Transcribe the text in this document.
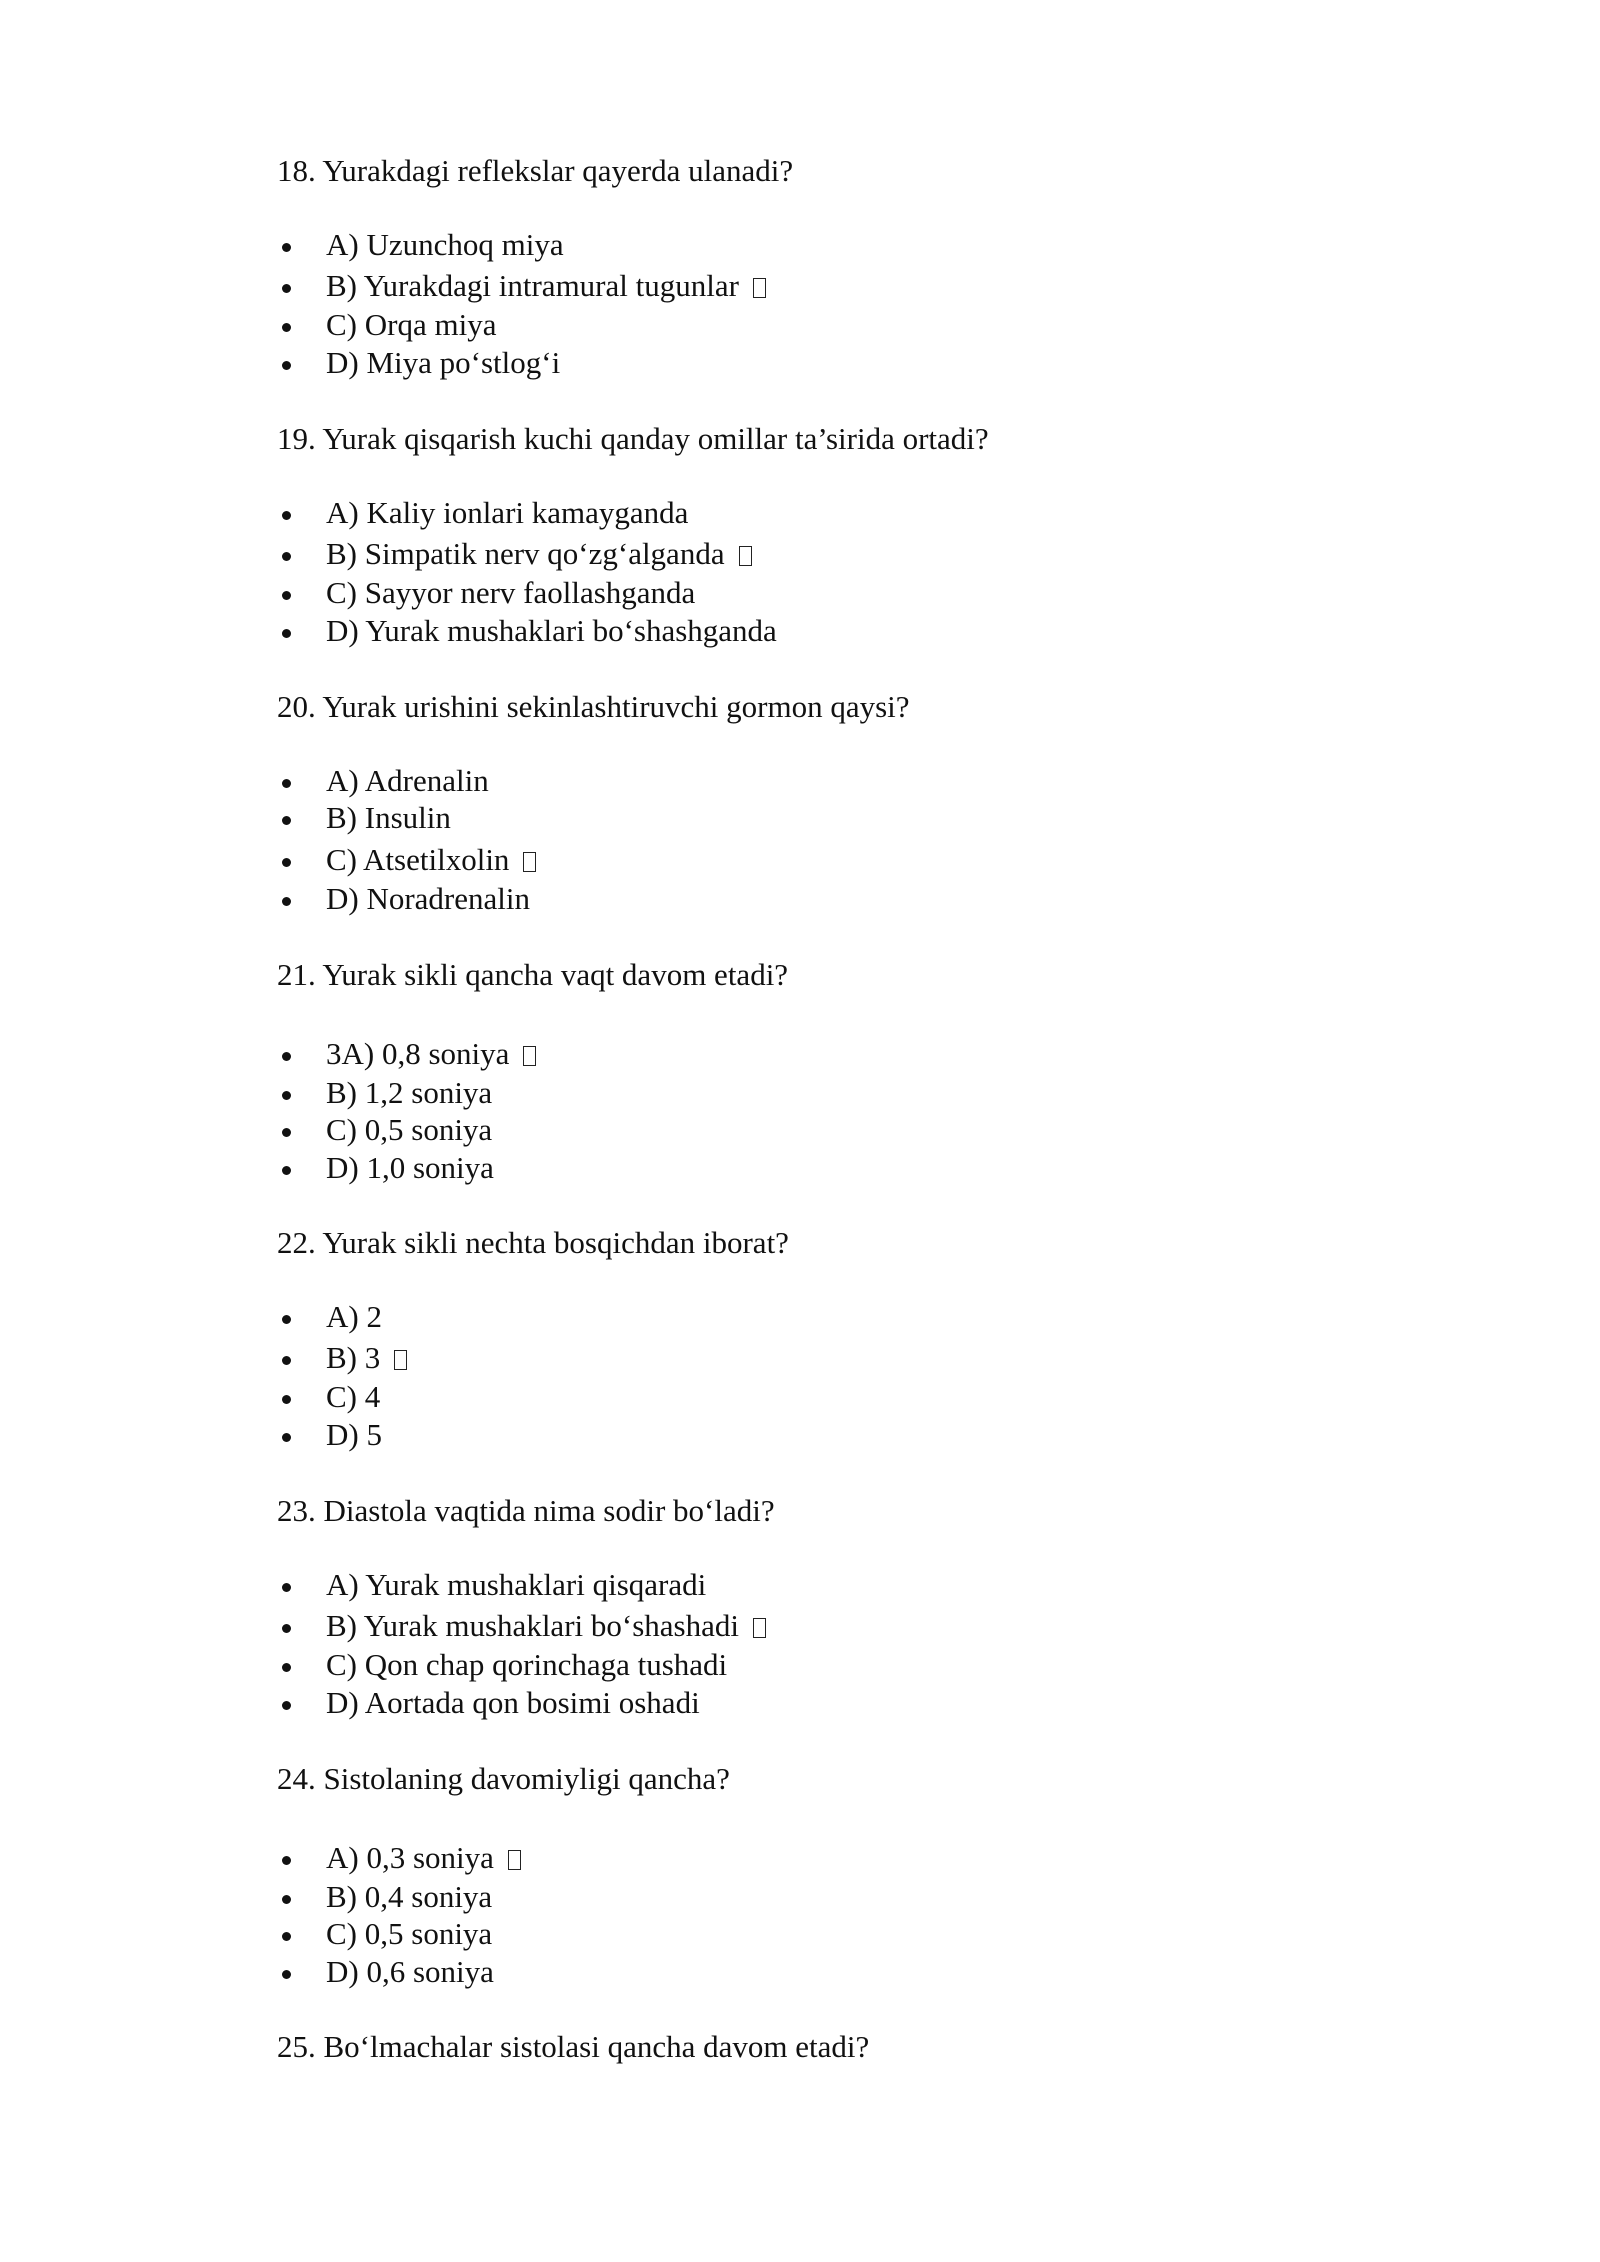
18. Yurakdagi reflekslar qayerda ulanadi?

A) Uzunchoq miya
B) Yurakdagi intramural tugunlar
C) Orqa miya
D) Miya po‘stlog‘i

19. Yurak qisqarish kuchi qanday omillar ta’sirida ortadi?

A) Kaliy ionlari kamayganda
B) Simpatik nerv qo‘zg‘alganda
C) Sayyor nerv faollashganda
D) Yurak mushaklari bo‘shashganda

20. Yurak urishini sekinlashtiruvchi gormon qaysi?

A) Adrenalin
B) Insulin
C) Atsetilxolin
D) Noradrenalin

21. Yurak sikli qancha vaqt davom etadi?

3A) 0,8 soniya
B) 1,2 soniya
C) 0,5 soniya
D) 1,0 soniya

22. Yurak sikli nechta bosqichdan iborat?

A) 2
B) 3
C) 4
D) 5

23. Diastola vaqtida nima sodir bo‘ladi?

A) Yurak mushaklari qisqaradi
B) Yurak mushaklari bo‘shashadi
C) Qon chap qorinchaga tushadi
D) Aortada qon bosimi oshadi

24. Sistolaning davomiyligi qancha?

A) 0,3 soniya
B) 0,4 soniya
C) 0,5 soniya
D) 0,6 soniya

25. Bo‘lmachalar sistolasi qancha davom etadi?
